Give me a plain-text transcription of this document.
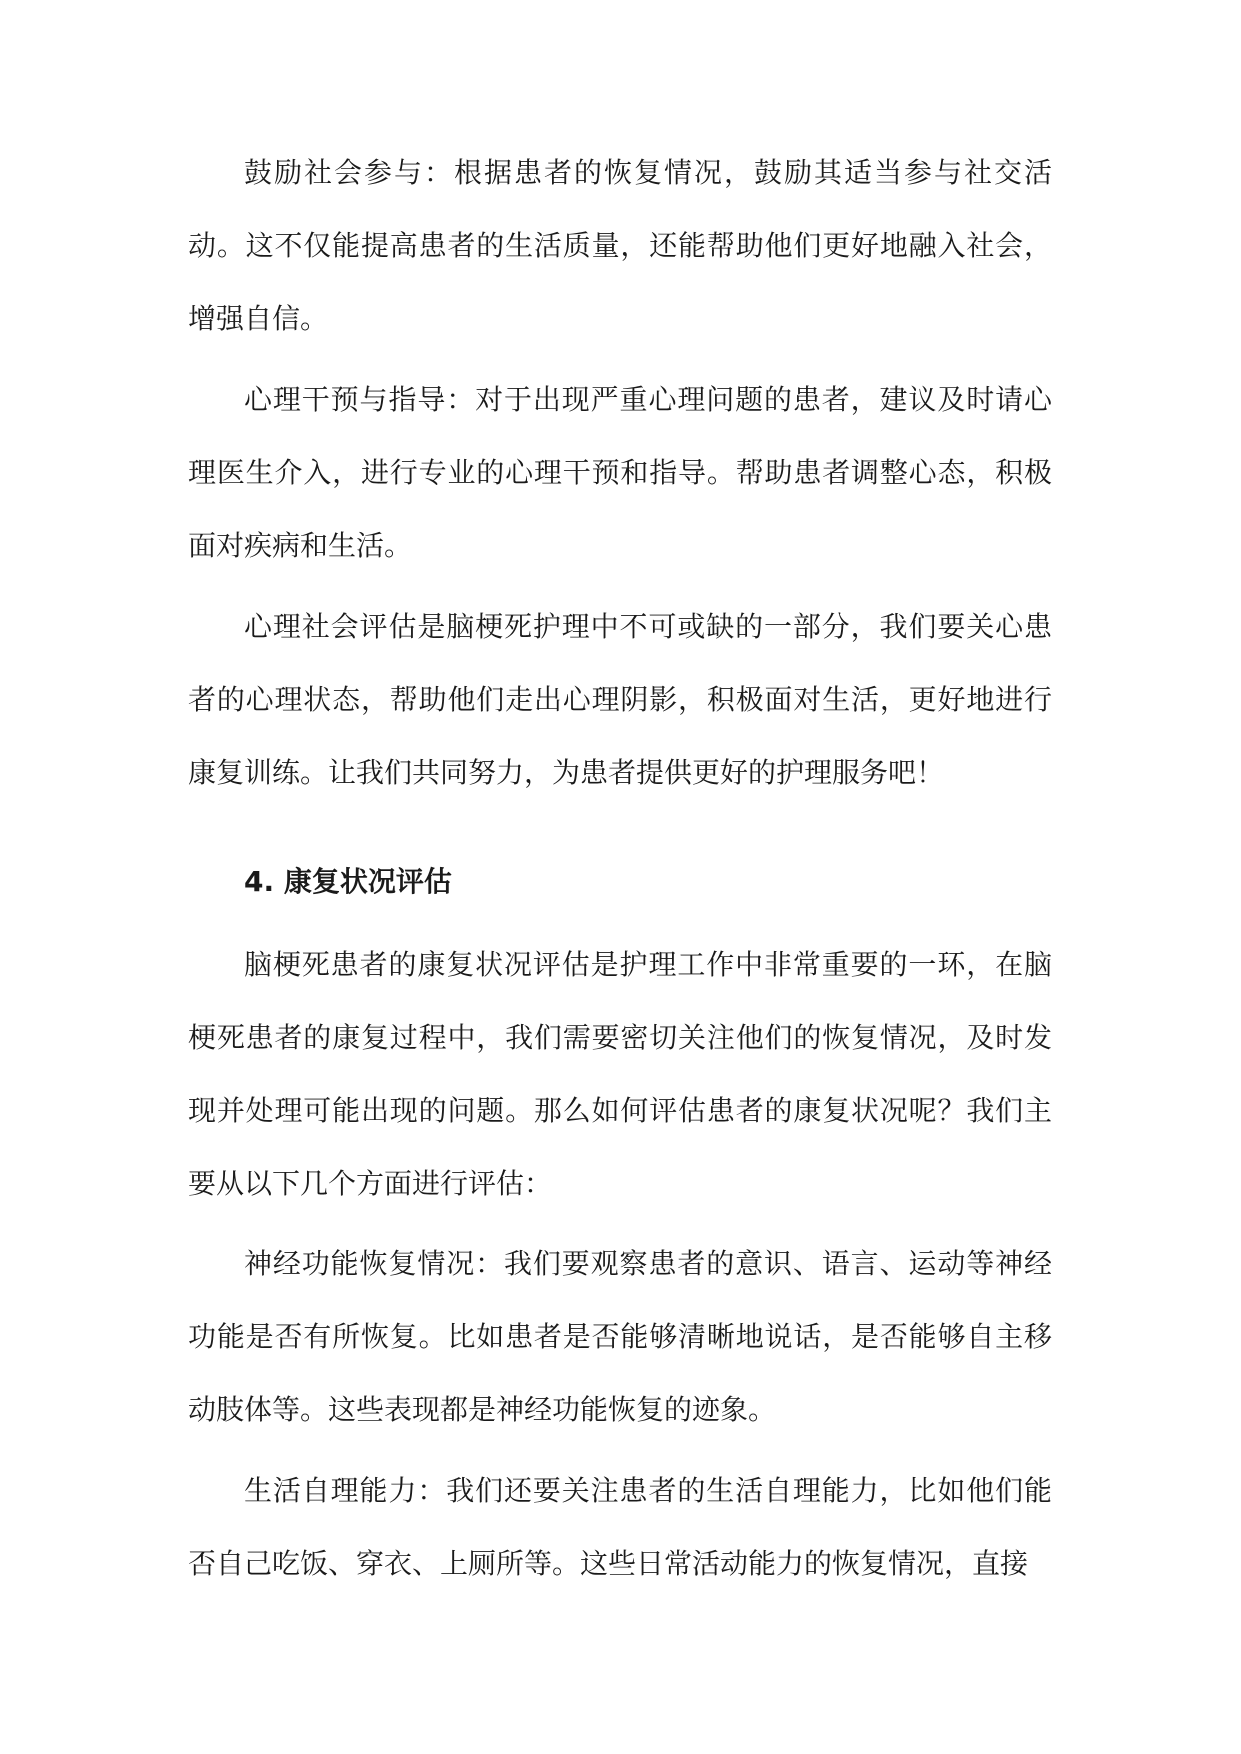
鼓励社会参与：根据患者的恢复情况，鼓励其适当参与社交活动。这不仅能提高患者的生活质量，还能帮助他们更好地融入社会，增强自信。

心理干预与指导：对于出现严重心理问题的患者，建议及时请心理医生介入，进行专业的心理干预和指导。帮助患者调整心态，积极面对疾病和生活。

心理社会评估是脑梗死护理中不可或缺的一部分，我们要关心患者的心理状态，帮助他们走出心理阴影，积极面对生活，更好地进行康复训练。让我们共同努力，为患者提供更好的护理服务吧！

4. 康复状况评估

脑梗死患者的康复状况评估是护理工作中非常重要的一环，在脑梗死患者的康复过程中，我们需要密切关注他们的恢复情况，及时发现并处理可能出现的问题。那么如何评估患者的康复状况呢？我们主要从以下几个方面进行评估：

神经功能恢复情况：我们要观察患者的意识、语言、运动等神经功能是否有所恢复。比如患者是否能够清晰地说话，是否能够自主移动肢体等。这些表现都是神经功能恢复的迹象。

生活自理能力：我们还要关注患者的生活自理能力，比如他们能否自己吃饭、穿衣、上厕所等。这些日常活动能力的恢复情况，直接
